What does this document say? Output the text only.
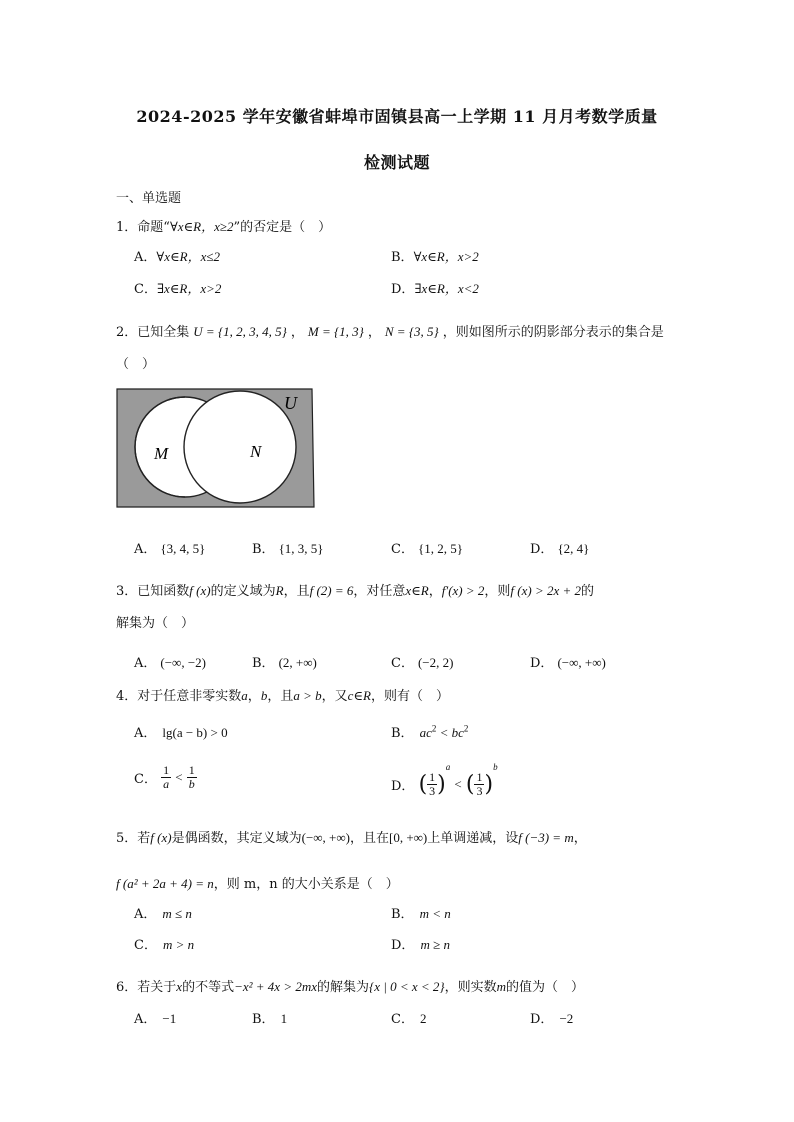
2024-2025 学年安徽省蚌埠市固镇县高一上学期 11 月月考数学质量
检测试题
一、单选题
1．命题“∀x∈R，x≥2”的否定是（　）
A．∀x∈R，x≤2	B．∀x∈R，x>2
C．∃x∈R，x>2	D．∃x∈R，x<2
2．已知全集 U = {1, 2, 3, 4, 5} ， M = {1, 3} ， N = {3, 5} ，则如图所示的阴影部分表示的集合是
（　）
U
M	N
A． {3, 4, 5}	B． {1, 3, 5}	C． {1, 2, 5}	D． {2, 4}
3．已知函数f (x)的定义域为R，且f (2) = 6，对任意x∈R，f′(x) > 2，则f (x) > 2x + 2的
解集为（　）
A． (−∞, −2)	B． (2, +∞)	C． (−2, 2)	D． (−∞, +∞)
4．对于任意非零实数a，b，且a > b，又c∈R，则有（　）
A． lg(a − b) > 0	B． $ac^2 < bc^2$
C． $\frac{1}{a} < \frac{1}{b}$	D． ( $\frac{1}{3} )^a$ < ( $\frac{1}{3} )^b$
5．若f (x)是偶函数，其定义域为(−∞, +∞)，且在[0, +∞)上单调递减，设f (−3) = m，
f (a² + 2a + 4) = n，则 m，n 的大小关系是（　）
A． m ≤ n	B． m < n
C． m > n	D． m ≥ n
6．若关于x的不等式−x² + 4x > 2mx的解集为{x | 0 < x < 2}，则实数m的值为（　）
A． −1	B． 1	C． 2	D． −2
